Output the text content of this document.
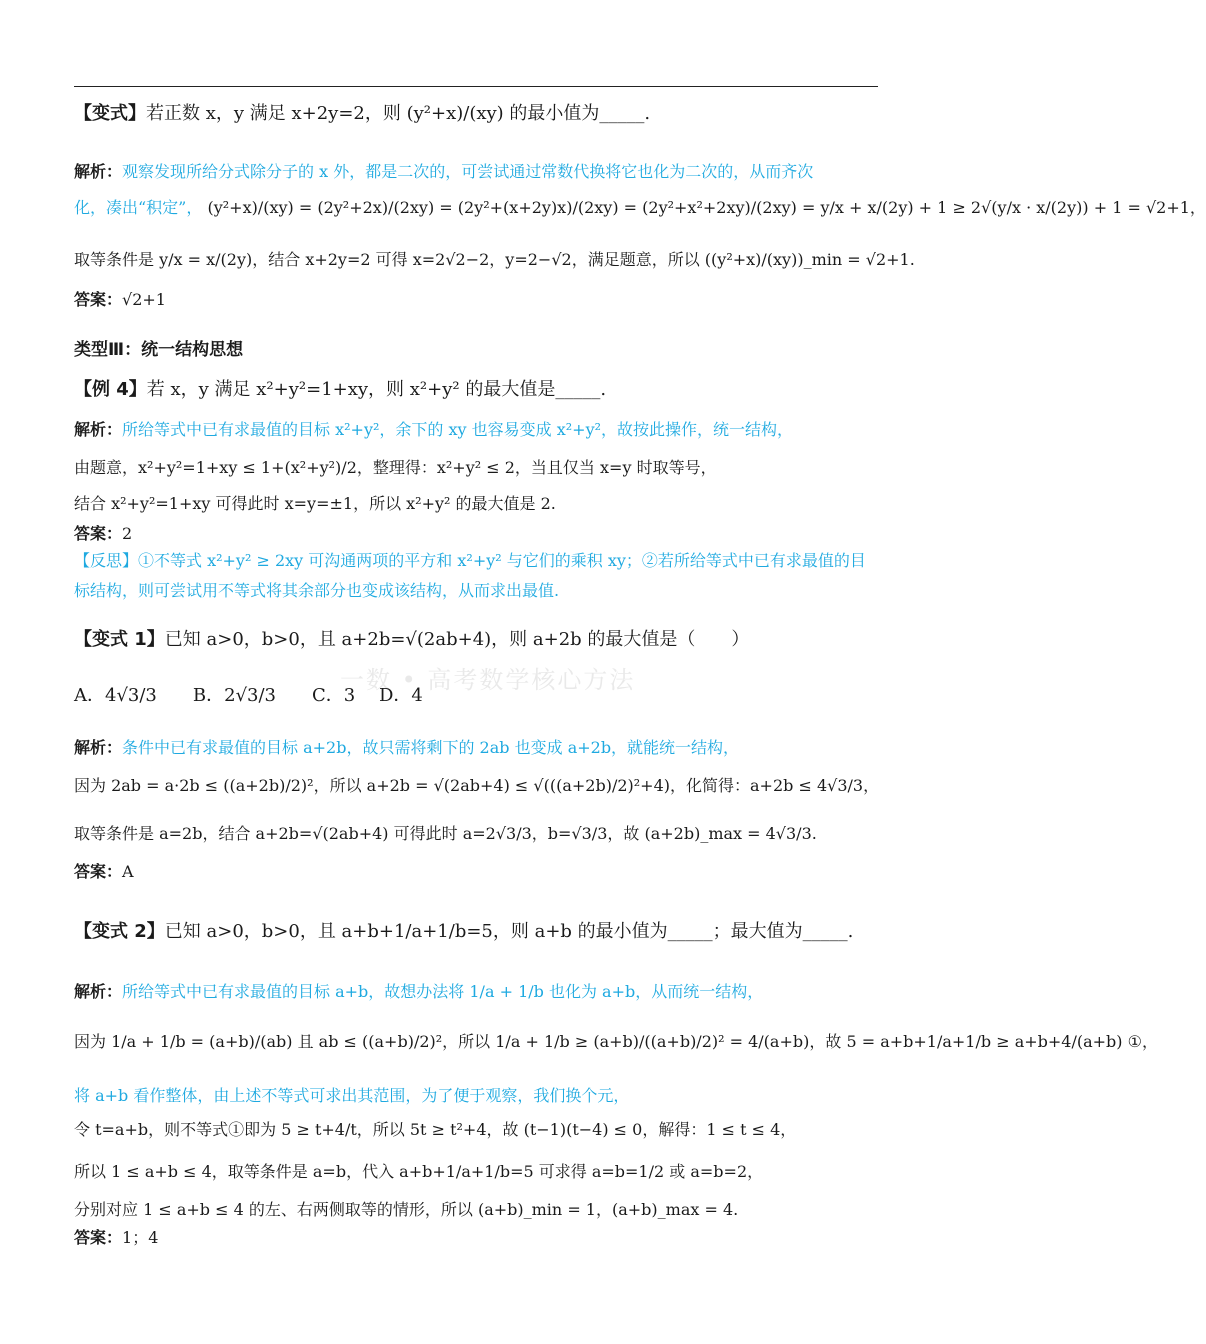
一数 • 高考数学核心方法
【变式】若正数 x，y 满足 x+2y=2，则 (y²+x)/(xy) 的最小值为_____.
解析：观察发现所给分式除分子的 x 外，都是二次的，可尝试通过常数代换将它也化为二次的，从而齐次
化，凑出“积定”， (y²+x)/(xy) = (2y²+2x)/(2xy) = (2y²+(x+2y)x)/(2xy) = (2y²+x²+2xy)/(2xy) = y/x + x/(2y) + 1 ≥ 2√(y/x · x/(2y)) + 1 = √2+1，
取等条件是 y/x = x/(2y)，结合 x+2y=2 可得 x=2√2−2，y=2−√2，满足题意，所以 ((y²+x)/(xy))_min = √2+1.
答案：√2+1
类型Ⅲ：统一结构思想
【例 4】若 x，y 满足 x²+y²=1+xy，则 x²+y² 的最大值是_____.
解析：所给等式中已有求最值的目标 x²+y²，余下的 xy 也容易变成 x²+y²，故按此操作，统一结构，
由题意，x²+y²=1+xy ≤ 1+(x²+y²)/2，整理得：x²+y² ≤ 2，当且仅当 x=y 时取等号，
结合 x²+y²=1+xy 可得此时 x=y=±1，所以 x²+y² 的最大值是 2.
答案：2
【反思】①不等式 x²+y² ≥ 2xy 可沟通两项的平方和 x²+y² 与它们的乘积 xy；②若所给等式中已有求最值的目标结构，则可尝试用不等式将其余部分也变成该结构，从而求出最值.
【变式 1】已知 a>0，b>0，且 a+2b=√(2ab+4)，则 a+2b 的最大值是（　　）
A．4√3/3　　B．2√3/3　　C．3　 D．4
解析：条件中已有求最值的目标 a+2b，故只需将剩下的 2ab 也变成 a+2b，就能统一结构，
因为 2ab = a·2b ≤ ((a+2b)/2)²，所以 a+2b = √(2ab+4) ≤ √(((a+2b)/2)²+4)，化简得：a+2b ≤ 4√3/3，
取等条件是 a=2b，结合 a+2b=√(2ab+4) 可得此时 a=2√3/3，b=√3/3，故 (a+2b)_max = 4√3/3.
答案：A
【变式 2】已知 a>0，b>0，且 a+b+1/a+1/b=5，则 a+b 的最小值为_____；最大值为_____.
解析：所给等式中已有求最值的目标 a+b，故想办法将 1/a + 1/b 也化为 a+b，从而统一结构，
因为 1/a + 1/b = (a+b)/(ab) 且 ab ≤ ((a+b)/2)²，所以 1/a + 1/b ≥ (a+b)/((a+b)/2)² = 4/(a+b)，故 5 = a+b+1/a+1/b ≥ a+b+4/(a+b) ①，
将 a+b 看作整体，由上述不等式可求出其范围，为了便于观察，我们换个元，
令 t=a+b，则不等式①即为 5 ≥ t+4/t，所以 5t ≥ t²+4，故 (t−1)(t−4) ≤ 0，解得：1 ≤ t ≤ 4，
所以 1 ≤ a+b ≤ 4，取等条件是 a=b，代入 a+b+1/a+1/b=5 可求得 a=b=1/2 或 a=b=2，
分别对应 1 ≤ a+b ≤ 4 的左、右两侧取等的情形，所以 (a+b)_min = 1，(a+b)_max = 4.
答案：1；4
